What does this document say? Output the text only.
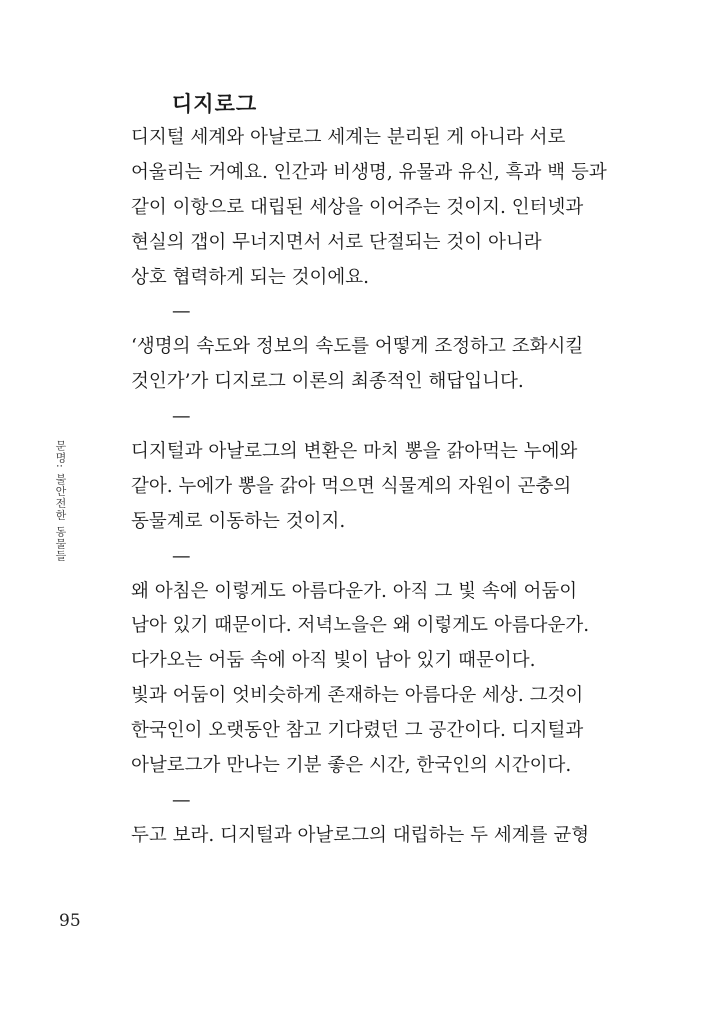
디지로그
디지털 세계와 아날로그 세계는 분리된 게 아니라 서로
어울리는 거예요. 인간과 비생명, 유물과 유신, 흑과 백 등과
같이 이항으로 대립된 세상을 이어주는 것이지. 인터넷과
현실의 갭이 무너지면서 서로 단절되는 것이 아니라
상호 협력하게 되는 것이에요.
—
‘생명의 속도와 정보의 속도를 어떻게 조정하고 조화시킬
것인가’가 디지로그 이론의 최종적인 해답입니다.
—
디지털과 아날로그의 변환은 마치 뽕을 갉아먹는 누에와
같아. 누에가 뽕을 갉아 먹으면 식물계의 자원이 곤충의
동물계로 이동하는 것이지.
—
왜 아침은 이렇게도 아름다운가. 아직 그 빛 속에 어둠이
남아 있기 때문이다. 저녁노을은 왜 이렇게도 아름다운가.
다가오는 어둠 속에 아직 빛이 남아 있기 때문이다.
빛과 어둠이 엇비슷하게 존재하는 아름다운 세상. 그것이
한국인이 오랫동안 참고 기다렸던 그 공간이다. 디지털과
아날로그가 만나는 기분 좋은 시간, 한국인의 시간이다.
—
두고 보라. 디지털과 아날로그의 대립하는 두 세계를 균형
문명: 불안전한 동물들
95
